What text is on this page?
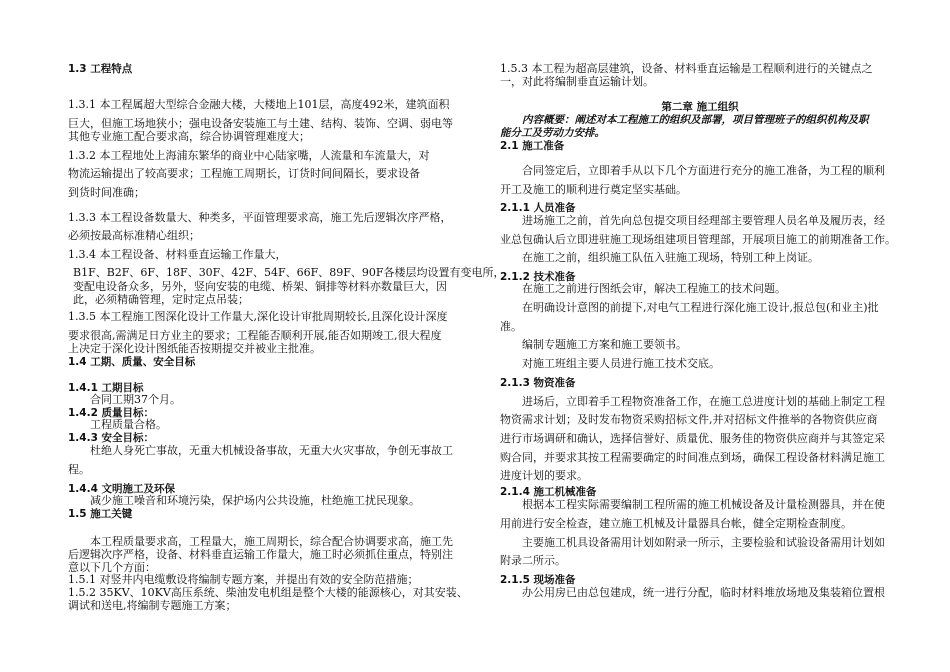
1.3 工程特点
1.3.1 本工程属超大型综合金融大楼，大楼地上101层，高度492米，建筑面积
巨大，但施工场地狭小；强电设备安装施工与土建、结构、装饰、空调、弱电等
其他专业施工配合要求高，综合协调管理难度大；
1.3.2 本工程地处上海浦东繁华的商业中心陆家嘴，人流量和车流量大，对
物流运输提出了较高要求；工程施工周期长，订货时间间隔长，要求设备
到货时间准确；
1.3.3 本工程设备数量大、种类多，平面管理要求高，施工先后逻辑次序严格，
必须按最高标准精心组织；
1.3.4 本工程设备、材料垂直运输工作量大，
B1F、B2F、6F、18F、30F、42F、54F、66F、89F、90F各楼层均设置有变电所，
变配电设备众多，另外，竖向安装的电缆、桥架、铜排等材料亦数量巨大，因
此，必须精确管理，定时定点吊装；
1.3.5 本工程施工图深化设计工作量大,深化设计审批周期较长,且深化设计深度
要求很高,需满足日方业主的要求；工程能否顺利开展,能否如期竣工,很大程度
上决定于深化设计图纸能否按期提交并被业主批准。
1.4 工期、质量、安全目标
1.4.1 工期目标
合同工期37个月。
1.4.2 质量目标：
工程质量合格。
1.4.3 安全目标：
杜绝人身死亡事故，无重大机械设备事故，无重大火灾事故，争创无事故工
程。
1.4.4 文明施工及环保
减少施工噪音和环境污染，保护场内公共设施，杜绝施工扰民现象。
1.5 施工关键
本工程质量要求高，工程量大，施工周期长，综合配合协调要求高，施工先
后逻辑次序严格，设备、材料垂直运输工作量大，施工时必须抓住重点，特别注
意以下几个方面：
1.5.1 对竖井内电缆敷设将编制专题方案，并提出有效的安全防范措施；
1.5.2 35KV、10KV高压系统、柴油发电机组是整个大楼的能源核心，对其安装、
调试和送电,将编制专题施工方案；
1.5.3 本工程为超高层建筑，设备、材料垂直运输是工程顺利进行的关键点之
一，对此将编制垂直运输计划。
第二章 施工组织
内容概要：阐述对本工程施工的组织及部署，项目管理班子的组织机构及职
能分工及劳动力安排。
2.1 施工准备
合同签定后，立即着手从以下几个方面进行充分的施工准备，为工程的顺利
开工及施工的顺利进行奠定坚实基础。
2.1.1 人员准备
进场施工之前，首先向总包提交项目经理部主要管理人员名单及履历表，经
业总包确认后立即进驻施工现场组建项目管理部，开展项目施工的前期准备工作。
在施工之前，组织施工队伍入驻施工现场，特别工种上岗证。
2.1.2 技术准备
在施工之前进行图纸会审，解决工程施工的技术问题。
在明确设计意图的前提下,对电气工程进行深化施工设计,报总包(和业主)批
准。
编制专题施工方案和施工要领书。
对施工班组主要人员进行施工技术交底。
2.1.3 物资准备
进场后，立即着手工程物资准备工作，在施工总进度计划的基础上制定工程
物资需求计划；及时发布物资采购招标文件,并对招标文件推举的各物资供应商
进行市场调研和确认，选择信誉好、质量优、服务佳的物资供应商并与其签定采
购合同，并要求其按工程需要确定的时间准点到场，确保工程设备材料满足施工
进度计划的要求。
2.1.4 施工机械准备
根据本工程实际需要编制工程所需的施工机械设备及计量检测器具，并在使
用前进行安全检查，建立施工机械及计量器具台帐，健全定期检查制度。
主要施工机具设备需用计划如附录一所示，主要检验和试验设备需用计划如
附录二所示。
2.1.5 现场准备
办公用房已由总包建成，统一进行分配，临时材料堆放场地及集装箱位置根
